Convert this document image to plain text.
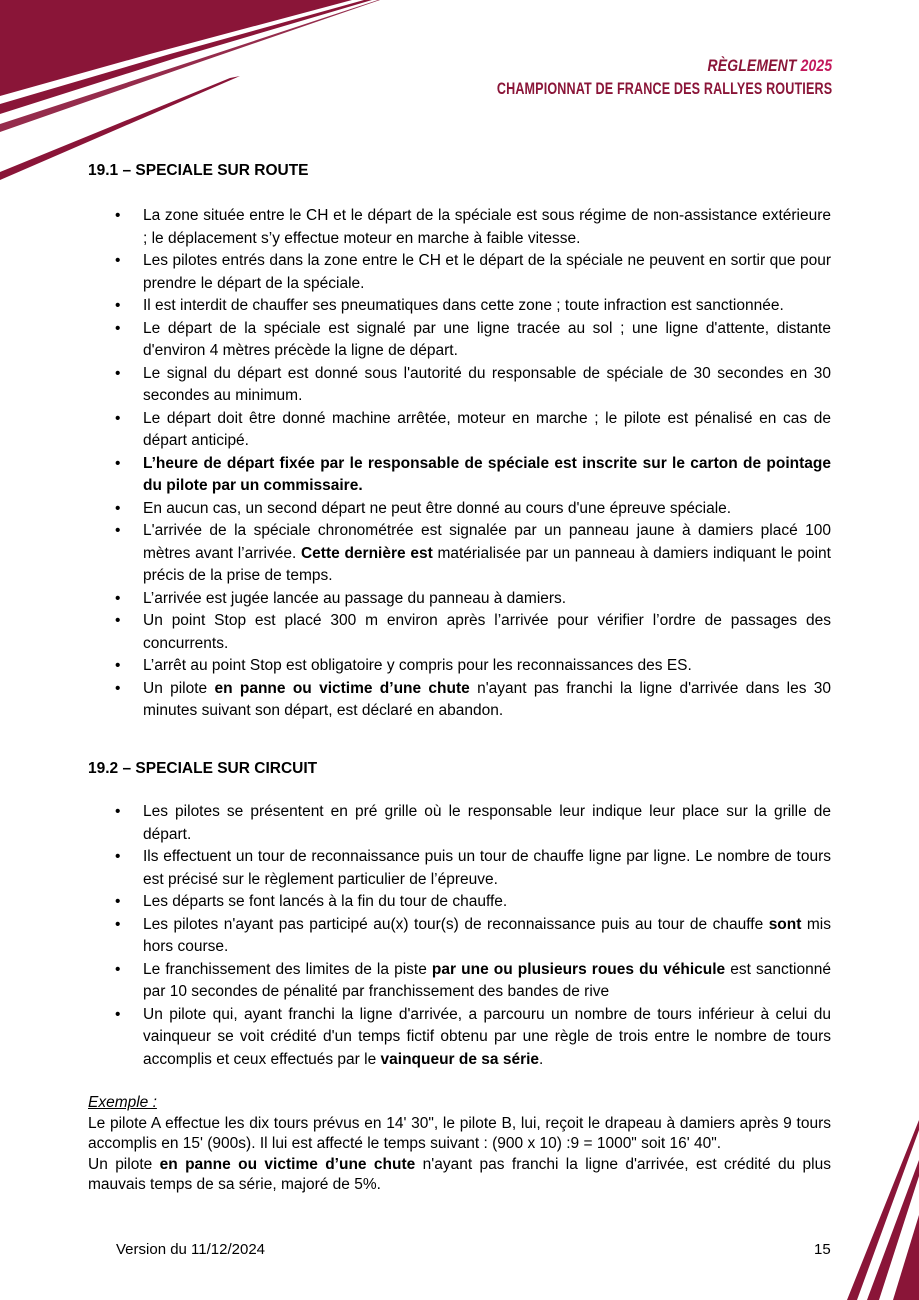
RÈGLEMENT 2025
CHAMPIONNAT DE FRANCE DES RALLYES ROUTIERS
19.1 – SPECIALE SUR ROUTE
• La zone située entre le CH et le départ de la spéciale est sous régime de non-assistance extérieure ; le déplacement s’y effectue moteur en marche à faible vitesse.
• Les pilotes entrés dans la zone entre le CH et le départ de la spéciale ne peuvent en sortir que pour prendre le départ de la spéciale.
• Il est interdit de chauffer ses pneumatiques dans cette zone ; toute infraction est sanctionnée.
• Le départ de la spéciale est signalé par une ligne tracée au sol ; une ligne d'attente, distante d'environ 4 mètres précède la ligne de départ.
• Le signal du départ est donné sous l'autorité du responsable de spéciale de 30 secondes en 30 secondes au minimum.
• Le départ doit être donné machine arrêtée, moteur en marche ; le pilote est pénalisé en cas de départ anticipé.
• L’heure de départ fixée par le responsable de spéciale est inscrite sur le carton de pointage du pilote par un commissaire.
• En aucun cas, un second départ ne peut être donné au cours d'une épreuve spéciale.
• L'arrivée de la spéciale chronométrée est signalée par un panneau jaune à damiers placé 100 mètres avant l’arrivée. Cette dernière est matérialisée par un panneau à damiers indiquant le point précis de la prise de temps.
• L’arrivée est jugée lancée au passage du panneau à damiers.
• Un point Stop est placé 300 m environ après l’arrivée pour vérifier l’ordre de passages des concurrents.
• L’arrêt au point Stop est obligatoire y compris pour les reconnaissances des ES.
• Un pilote en panne ou victime d’une chute n'ayant pas franchi la ligne d'arrivée dans les 30 minutes suivant son départ, est déclaré en abandon.
19.2 – SPECIALE SUR CIRCUIT
• Les pilotes se présentent en pré grille où le responsable leur indique leur place sur la grille de départ.
• Ils effectuent un tour de reconnaissance puis un tour de chauffe ligne par ligne. Le nombre de tours est précisé sur le règlement particulier de l’épreuve.
• Les départs se font lancés à la fin du tour de chauffe.
• Les pilotes n'ayant pas participé au(x) tour(s) de reconnaissance puis au tour de chauffe sont mis hors course.
• Le franchissement des limites de la piste par une ou plusieurs roues du véhicule est sanctionné par 10 secondes de pénalité par franchissement des bandes de rive
• Un pilote qui, ayant franchi la ligne d'arrivée, a parcouru un nombre de tours inférieur à celui du vainqueur se voit crédité d'un temps fictif obtenu par une règle de trois entre le nombre de tours accomplis et ceux effectués par le vainqueur de sa série.
Exemple :
Le pilote A effectue les dix tours prévus en 14' 30", le pilote B, lui, reçoit le drapeau à damiers après 9 tours accomplis en 15' (900s). Il lui est affecté le temps suivant : (900 x 10) :9 = 1000" soit 16' 40".
Un pilote en panne ou victime d’une chute n'ayant pas franchi la ligne d'arrivée, est crédité du plus mauvais temps de sa série, majoré de 5%.
Version du 11/12/2024	15
